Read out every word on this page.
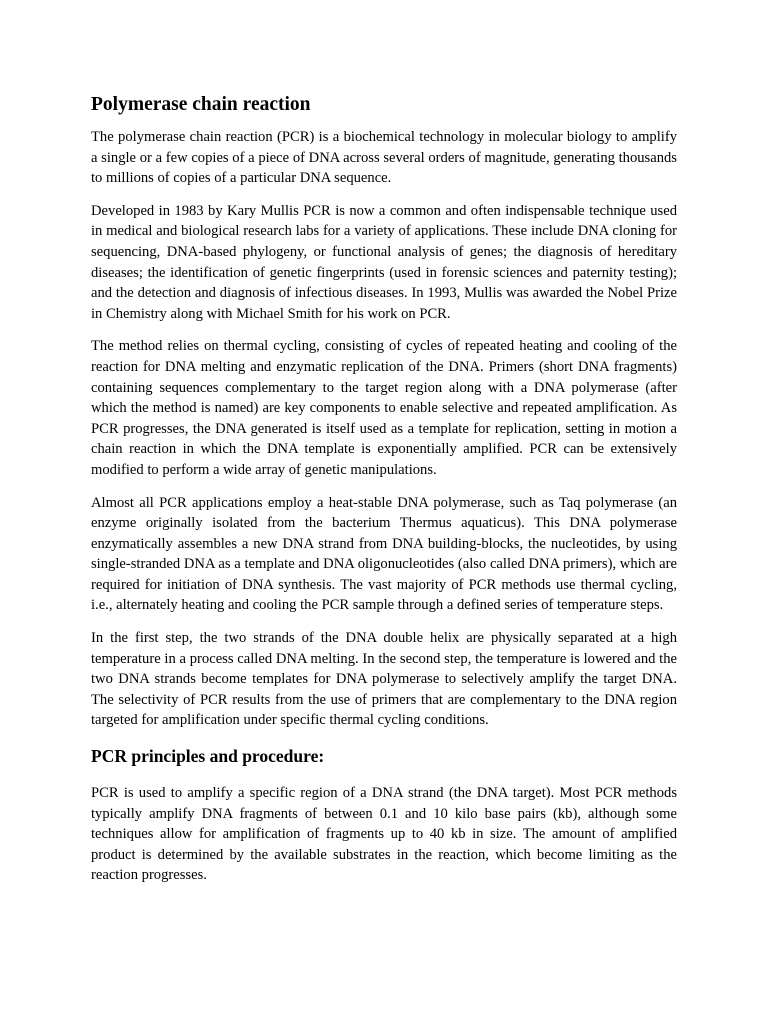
Polymerase chain reaction

The polymerase chain reaction (PCR) is a biochemical technology in molecular biology to amplify a single or a few copies of a piece of DNA across several orders of magnitude, generating thousands to millions of copies of a particular DNA sequence.

Developed in 1983 by Kary Mullis PCR is now a common and often indispensable technique used in medical and biological research labs for a variety of applications. These include DNA cloning for sequencing, DNA-based phylogeny, or functional analysis of genes; the diagnosis of hereditary diseases; the identification of genetic fingerprints (used in forensic sciences and paternity testing); and the detection and diagnosis of infectious diseases. In 1993, Mullis was awarded the Nobel Prize in Chemistry along with Michael Smith for his work on PCR.

The method relies on thermal cycling, consisting of cycles of repeated heating and cooling of the reaction for DNA melting and enzymatic replication of the DNA. Primers (short DNA fragments) containing sequences complementary to the target region along with a DNA polymerase (after which the method is named) are key components to enable selective and repeated amplification. As PCR progresses, the DNA generated is itself used as a template for replication, setting in motion a chain reaction in which the DNA template is exponentially amplified. PCR can be extensively modified to perform a wide array of genetic manipulations.

Almost all PCR applications employ a heat-stable DNA polymerase, such as Taq polymerase (an enzyme originally isolated from the bacterium Thermus aquaticus). This DNA polymerase enzymatically assembles a new DNA strand from DNA building-blocks, the nucleotides, by using single-stranded DNA as a template and DNA oligonucleotides (also called DNA primers), which are required for initiation of DNA synthesis. The vast majority of PCR methods use thermal cycling, i.e., alternately heating and cooling the PCR sample through a defined series of temperature steps.

In the first step, the two strands of the DNA double helix are physically separated at a high temperature in a process called DNA melting. In the second step, the temperature is lowered and the two DNA strands become templates for DNA polymerase to selectively amplify the target DNA. The selectivity of PCR results from the use of primers that are complementary to the DNA region targeted for amplification under specific thermal cycling conditions.

PCR principles and procedure:

PCR is used to amplify a specific region of a DNA strand (the DNA target). Most PCR methods typically amplify DNA fragments of between 0.1 and 10 kilo base pairs (kb), although some techniques allow for amplification of fragments up to 40 kb in size. The amount of amplified product is determined by the available substrates in the reaction, which become limiting as the reaction progresses.
